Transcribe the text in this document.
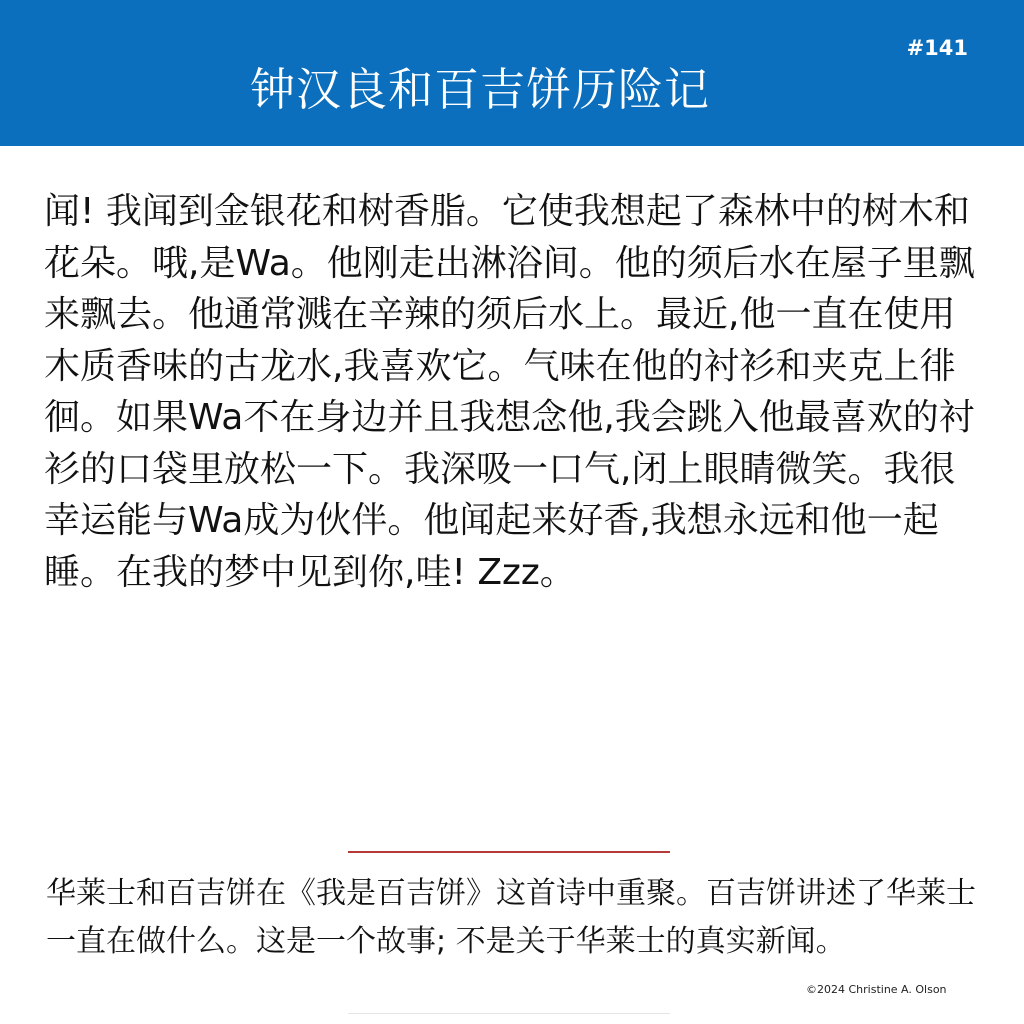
钟汉良和百吉饼历险记
#141
闻! 我闻到金银花和树香脂。它使我想起了森林中的树木和花朵。哦,是Wa。他刚走出淋浴间。他的须后水在屋子里飘来飘去。他通常溅在辛辣的须后水上。最近,他一直在使用木质香味的古龙水,我喜欢它。气味在他的衬衫和夹克上徘徊。如果Wa不在身边并且我想念他,我会跳入他最喜欢的衬衫的口袋里放松一下。我深吸一口气,闭上眼睛微笑。我很幸运能与Wa成为伙伴。他闻起来好香,我想永远和他一起睡。在我的梦中见到你,哇! Zzz。
华莱士和百吉饼在《我是百吉饼》这首诗中重聚。百吉饼讲述了华莱士一直在做什么。这是一个故事; 不是关于华莱士的真实新闻。
©2024 Christine A. Olson
